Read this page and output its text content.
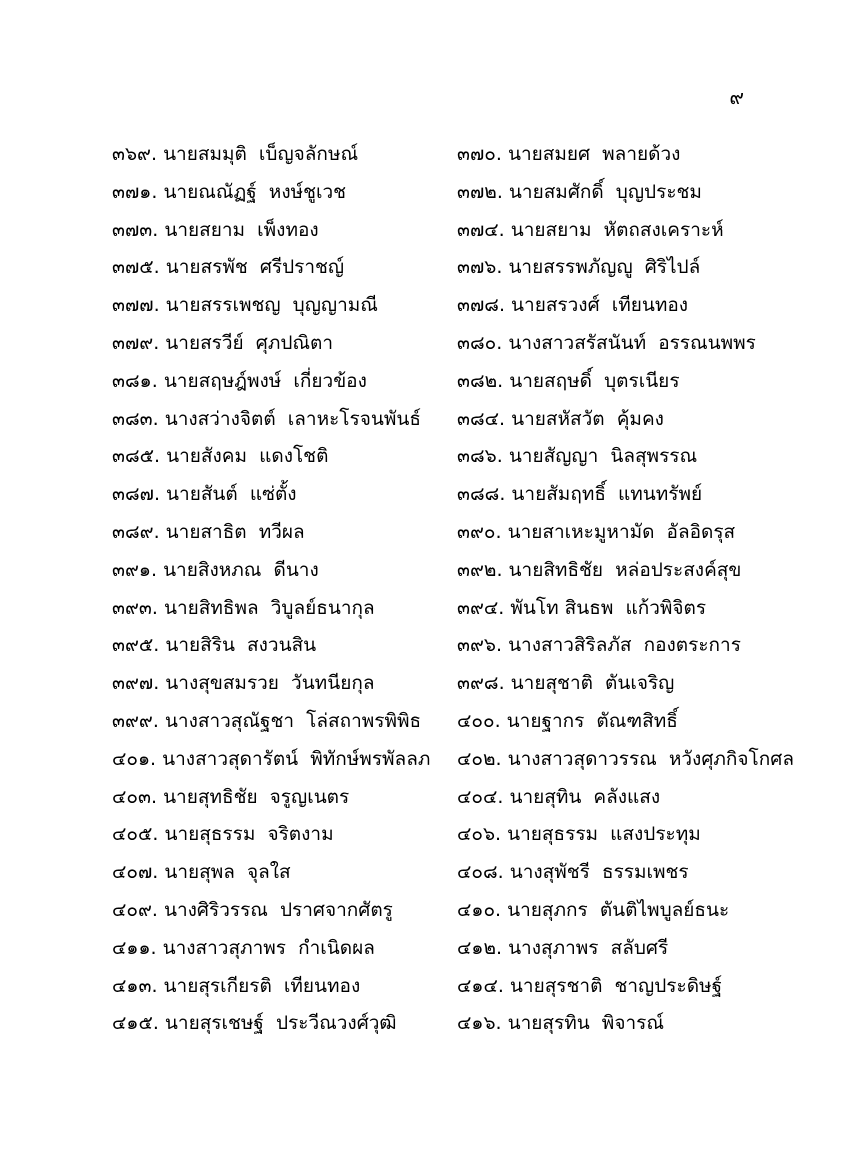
๙
๓๖๙. นายสมมุติ  เบ็ญจลักษณ์	๓๗๐. นายสมยศ  พลายด้วง
๓๗๑. นายณณัฏฐ์  หงษ์ชูเวช	๓๗๒. นายสมศักดิ์  บุญประชม
๓๗๓. นายสยาม  เพ็งทอง	๓๗๔. นายสยาม  หัตถสงเคราะห์
๓๗๕. นายสรพัช  ศรีปราชญ์	๓๗๖. นายสรรพภัญญู  ศิริไปล์
๓๗๗. นายสรรเพชญ  บุญญามณี	๓๗๘. นายสรวงศ์  เทียนทอง
๓๗๙. นายสรวีย์  ศุภปณิตา	๓๘๐. นางสาวสรัสนันท์  อรรณนพพร
๓๘๑. นายสฤษฎ์พงษ์  เกี่ยวข้อง	๓๘๒. นายสฤษดิ์  บุตรเนียร
๓๘๓. นางสว่างจิตต์  เลาหะโรจนพันธ์ ๓๘๔. นายสหัสวัต  คุ้มคง
๓๘๕. นายสังคม  แดงโชติ	๓๘๖. นายสัญญา  นิลสุพรรณ
๓๘๗. นายสันต์  แซ่ตั้ง	๓๘๘. นายสัมฤทธิ์  แทนทรัพย์
๓๘๙. นายสาธิต  ทวีผล	๓๙๐. นายสาเหะมูหามัด  อัลอิดรุส
๓๙๑. นายสิงหภณ  ดีนาง	๓๙๒. นายสิทธิชัย  หล่อประสงค์สุข
๓๙๓. นายสิทธิพล  วิบูลย์ธนากุล	๓๙๔. พันโท สินธพ  แก้วพิจิตร
๓๙๕. นายสิริน  สงวนสิน	๓๙๖. นางสาวสิริลภัส  กองตระการ
๓๙๗. นางสุขสมรวย  วันทนียกุล	๓๙๘. นายสุชาติ  ตันเจริญ
๓๙๙. นางสาวสุณัฐชา  โล่สถาพรพิพิธ ๔๐๐. นายฐากร  ตัณฑสิทธิ์
๔๐๑. นางสาวสุดารัตน์  พิทักษ์พรพัลลภ ๔๐๒. นางสาวสุดาวรรณ  หวังศุภกิจโกศล
๔๐๓. นายสุทธิชัย  จรูญเนตร	๔๐๔. นายสุทิน  คลังแสง
๔๐๕. นายสุธรรม  จริตงาม	๔๐๖. นายสุธรรม  แสงประทุม
๔๐๗. นายสุพล  จุลใส	๔๐๘. นางสุพัชรี  ธรรมเพชร
๔๐๙. นางศิริวรรณ  ปราศจากศัตรู	๔๑๐. นายสุภกร  ตันติไพบูลย์ธนะ
๔๑๑. นางสาวสุภาพร  กำเนิดผล	๔๑๒. นางสุภาพร  สลับศรี
๔๑๓. นายสุรเกียรติ  เทียนทอง	๔๑๔. นายสุรชาติ  ชาญประดิษฐ์
๔๑๕. นายสุรเชษฐ์  ประวีณวงศ์วุฒิ	๔๑๖. นายสุรทิน  พิจารณ์
